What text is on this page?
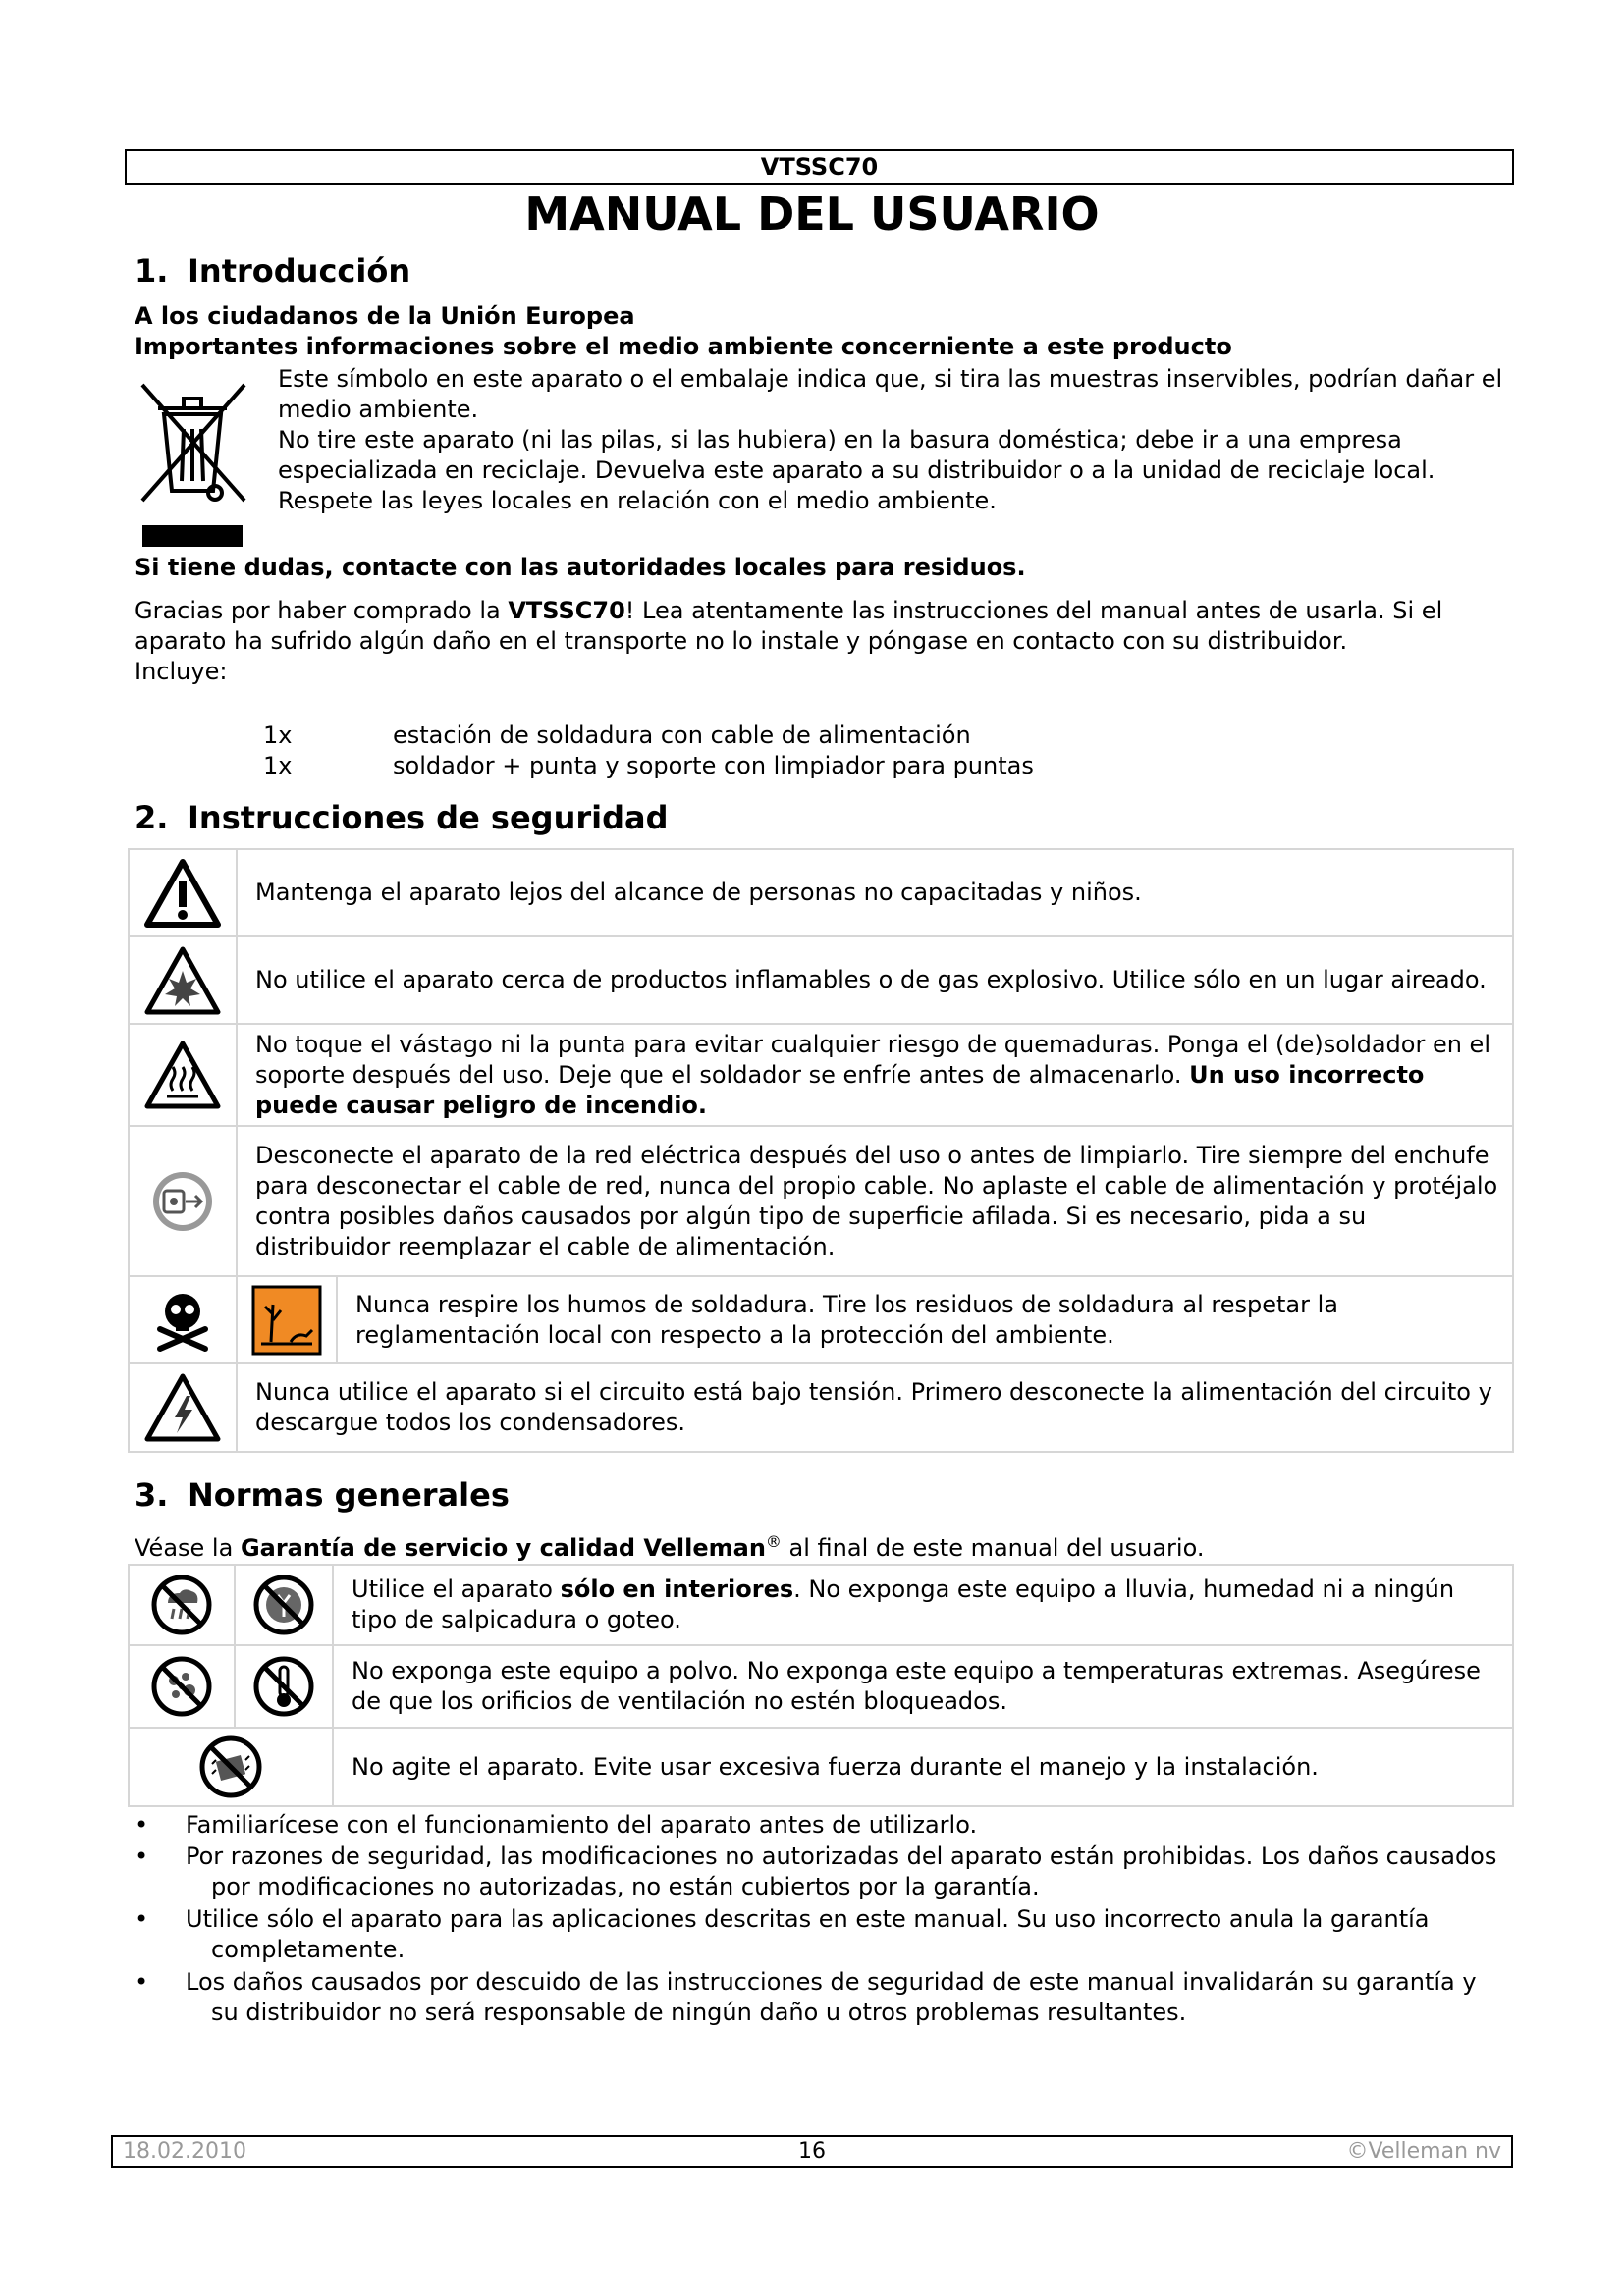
VTSSC70
MANUAL DEL USUARIO
1. Introducción
A los ciudadanos de la Unión Europea
Importantes informaciones sobre el medio ambiente concerniente a este producto

Este símbolo en este aparato o el embalaje indica que, si tira las muestras inservibles, podrían dañar el medio ambiente.

No tire este aparato (ni las pilas, si las hubiera) en la basura doméstica; debe ir a una empresa especializada en reciclaje. Devuelva este aparato a su distribuidor o a la unidad de reciclaje local.

Respete las leyes locales en relación con el medio ambiente.

Si tiene dudas, contacte con las autoridades locales para residuos.

Gracias por haber comprado la VTSSC70! Lea atentamente las instrucciones del manual antes de usarla. Si el aparato ha sufrido algún daño en el transporte no lo instale y póngase en contacto con su distribuidor.

Incluye:

1x	estación de soldadura con cable de alimentación
1x	soldador + punta y soporte con limpiador para puntas
2. Instrucciones de seguridad
	Mantenga el aparato lejos del alcance de personas no capacitadas y niños.	

	No utilice el aparato cerca de productos inflamables o de gas explosivo. Utilice sólo en un lugar aireado.	

	No toque el vástago ni la punta para evitar cualquier riesgo de quemaduras. Ponga el (de)soldador en el soporte después del uso. Deje que el soldador se enfríe antes de almacenarlo. Un uso incorrecto puede causar peligro de incendio.	

	Desconecte el aparato de la red eléctrica después del uso o antes de limpiarlo. Tire siempre del enchufe para desconectar el cable de red, nunca del propio cable. No aplaste el cable de alimentación y protéjalo contra posibles daños causados por algún tipo de superficie afilada. Si es necesario, pida a su distribuidor reemplazar el cable de alimentación.	

	Nunca respire los humos de soldadura. Tire los residuos de soldadura al respetar la reglamentación local con respecto a la protección del ambiente.

	Nunca utilice el aparato si el circuito está bajo tensión. Primero desconecte la alimentación del circuito y descargue todos los condensadores.	
3. Normas generales

Véase la Garantía de servicio y calidad Velleman® al final de este manual del usuario.

	Utilice el aparato sólo en interiores. No exponga este equipo a lluvia, humedad ni a ningún tipo de salpicadura o goteo.

	No exponga este equipo a polvo. No exponga este equipo a temperaturas extremas. Asegúrese de que los orificios de ventilación no estén bloqueados.

	No agite el aparato. Evite usar excesiva fuerza durante el manejo y la instalación.
• Familiarícese con el funcionamiento del aparato antes de utilizarlo.

• Por razones de seguridad, las modificaciones no autorizadas del aparato están prohibidas. Los daños causados por modificaciones no autorizadas, no están cubiertos por la garantía.

• Utilice sólo el aparato para las aplicaciones descritas en este manual. Su uso incorrecto anula la garantía completamente.

• Los daños causados por descuido de las instrucciones de seguridad de este manual invalidarán su garantía y su distribuidor no será responsable de ningún daño u otros problemas resultantes.

16
18.02.2010	©Velleman nv
